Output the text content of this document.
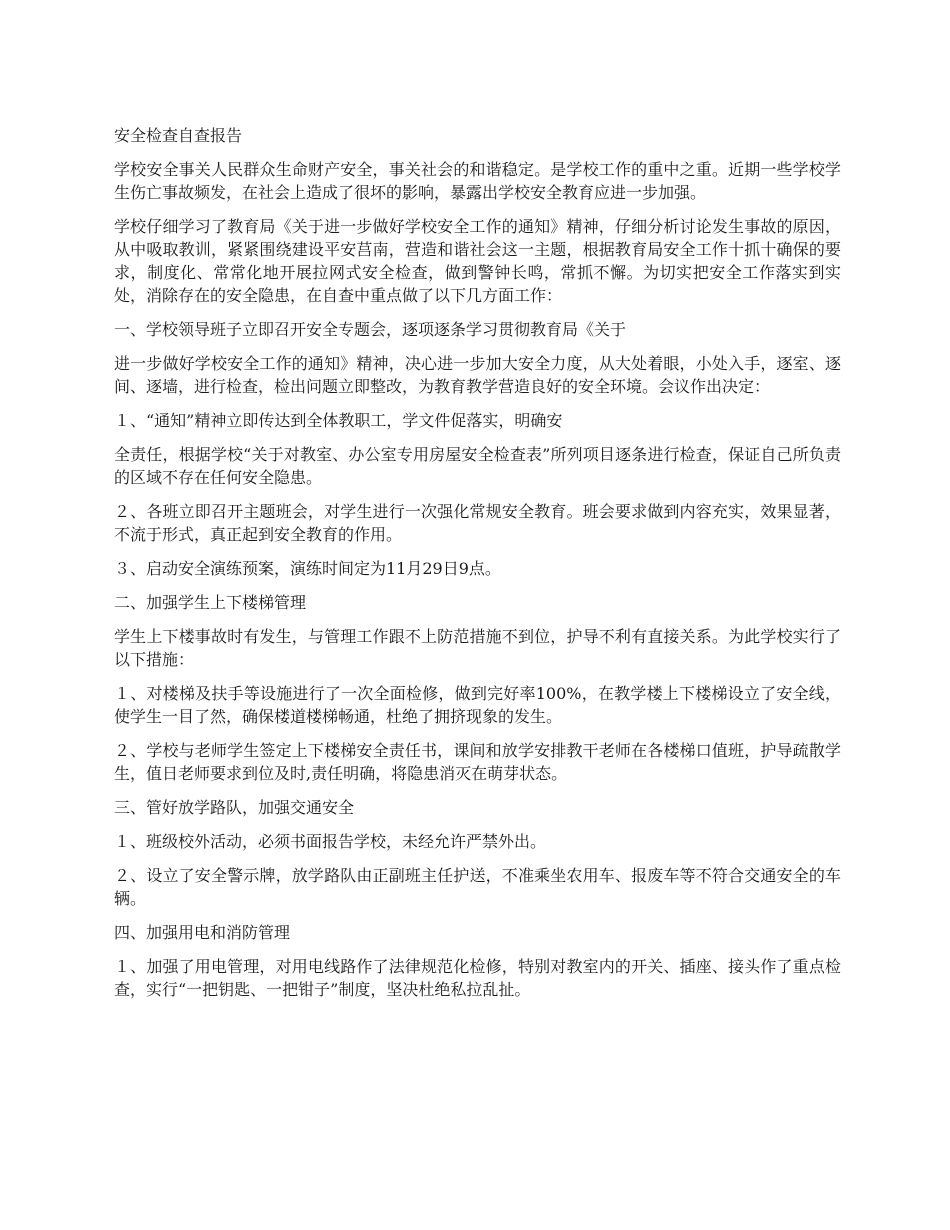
安全检查自查报告

学校安全事关人民群众生命财产安全，事关社会的和谐稳定。是学校工作的重中之重。近期一些学校学生伤亡事故频发，在社会上造成了很坏的影响，暴露出学校安全教育应进一步加强。

学校仔细学习了教育局《关于进一步做好学校安全工作的通知》精神，仔细分析讨论发生事故的原因，从中吸取教训，紧紧围绕建设平安莒南，营造和谐社会这一主题，根据教育局安全工作十抓十确保的要求，制度化、常常化地开展拉网式安全检查，做到警钟长鸣，常抓不懈。为切实把安全工作落实到实处，消除存在的安全隐患，在自查中重点做了以下几方面工作：

一、学校领导班子立即召开安全专题会，逐项逐条学习贯彻教育局《关于

进一步做好学校安全工作的通知》精神，决心进一步加大安全力度，从大处着眼，小处入手，逐室、逐间、逐墙，进行检查，检出问题立即整改，为教育教学营造良好的安全环境。会议作出决定：

１、“通知”精神立即传达到全体教职工，学文件促落实，明确安

全责任，根据学校“关于对教室、办公室专用房屋安全检查表”所列项目逐条进行检查，保证自己所负责的区域不存在任何安全隐患。

２、各班立即召开主题班会，对学生进行一次强化常规安全教育。班会要求做到内容充实，效果显著，不流于形式，真正起到安全教育的作用。

３、启动安全演练预案，演练时间定为11月29日9点。

二、加强学生上下楼梯管理

学生上下楼事故时有发生，与管理工作跟不上防范措施不到位，护导不利有直接关系。为此学校实行了以下措施：

１、对楼梯及扶手等设施进行了一次全面检修，做到完好率100%，在教学楼上下楼梯设立了安全线，使学生一目了然，确保楼道楼梯畅通，杜绝了拥挤现象的发生。

２、学校与老师学生签定上下楼梯安全责任书，课间和放学安排教干老师在各楼梯口值班，护导疏散学生，值日老师要求到位及时,责任明确，将隐患消灭在萌芽状态。

三、管好放学路队，加强交通安全

１、班级校外活动，必须书面报告学校，未经允许严禁外出。

２、设立了安全警示牌，放学路队由正副班主任护送，不准乘坐农用车、报废车等不符合交通安全的车辆。

四、加强用电和消防管理

１、加强了用电管理，对用电线路作了法律规范化检修，特别对教室内的开关、插座、接头作了重点检查，实行“一把钥匙、一把钳子”制度，坚决杜绝私拉乱扯。
